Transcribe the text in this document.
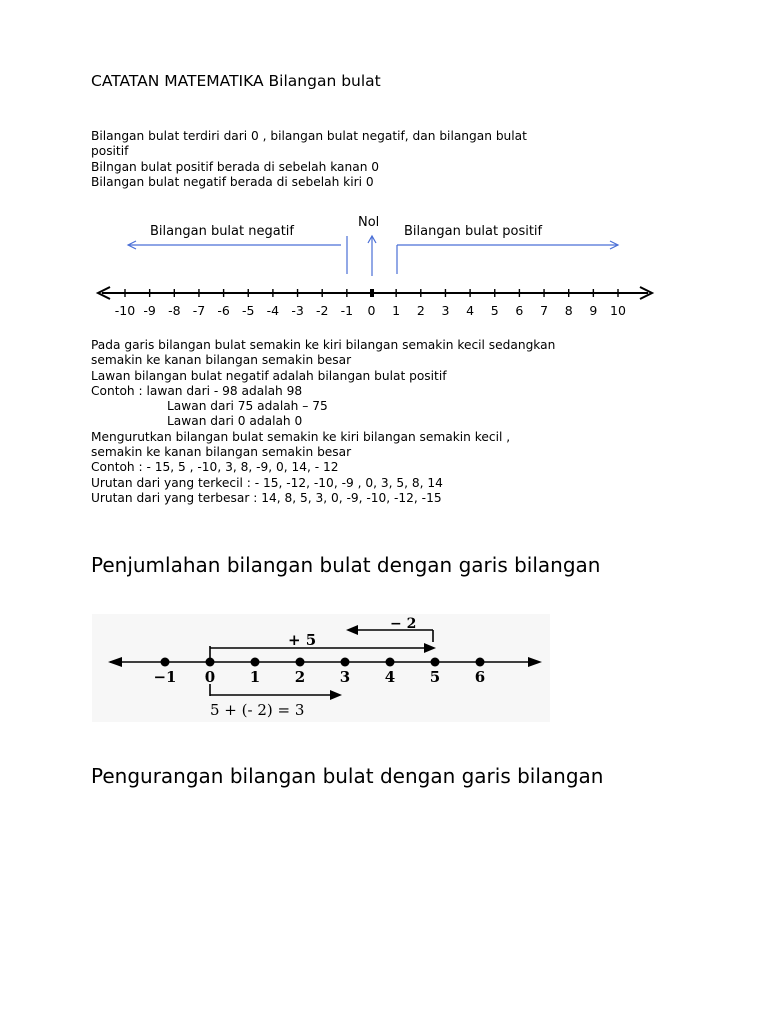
CATATAN MATEMATIKA Bilangan bulat

Bilangan bulat terdiri dari 0 , bilangan bulat negatif, dan bilangan bulat

positif

Bilngan bulat positif berada di sebelah kanan 0

Bilangan bulat negatif berada di sebelah kiri 0

Bilangan bulat negatif
Nol
Bilangan bulat positif
-10 -9 -8 -7 -6 -5 -4 -3 -2 -1 0 1 2 3 4 5 6 7 8 9 10

Pada garis bilangan bulat semakin ke kiri bilangan semakin kecil sedangkan

semakin ke kanan bilangan semakin besar

Lawan bilangan bulat negatif adalah bilangan bulat positif

Contoh : lawan dari - 98 adalah 98

Lawan dari 75 adalah – 75

Lawan dari 0 adalah 0

Mengurutkan bilangan bulat semakin ke kiri bilangan semakin kecil ,

semakin ke kanan bilangan semakin besar

Contoh : - 15, 5 , -10, 3, 8, -9, 0, 14, - 12

Urutan dari yang terkecil : - 15, -12, -10, -9 , 0, 3, 5, 8, 14

Urutan dari yang terbesar : 14, 8, 5, 3, 0, -9, -10, -12, -15

Penjumlahan bilangan bulat dengan garis bilangan
−1 0 1 2 3 4 5 6
+ 5
− 2
5 + (- 2) = 3
Pengurangan bilangan bulat dengan garis bilangan
